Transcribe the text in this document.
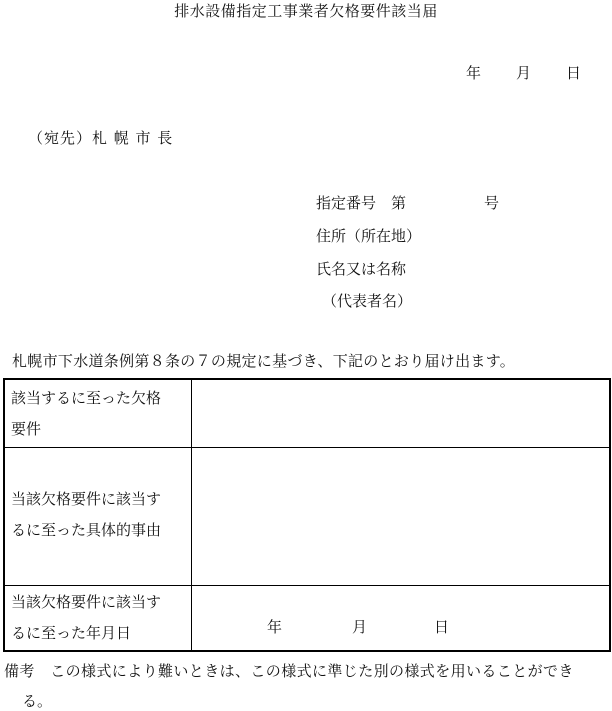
排水設備指定工事業者欠格要件該当届
年 月 日
（宛先）札 幌 市 長
指定番号　第	号
住所（所在地）
氏名又は名称
（代表者名）
札幌市下水道条例第８条の７の規定に基づき、下記のとおり届け出ます。
該当するに至った欠格
要件
当該欠格要件に該当す
るに至った具体的事由
当該欠格要件に該当す
るに至った年月日	年	月	日
備考　この様式により難いときは、この様式に準じた別の様式を用いることができ
る。
